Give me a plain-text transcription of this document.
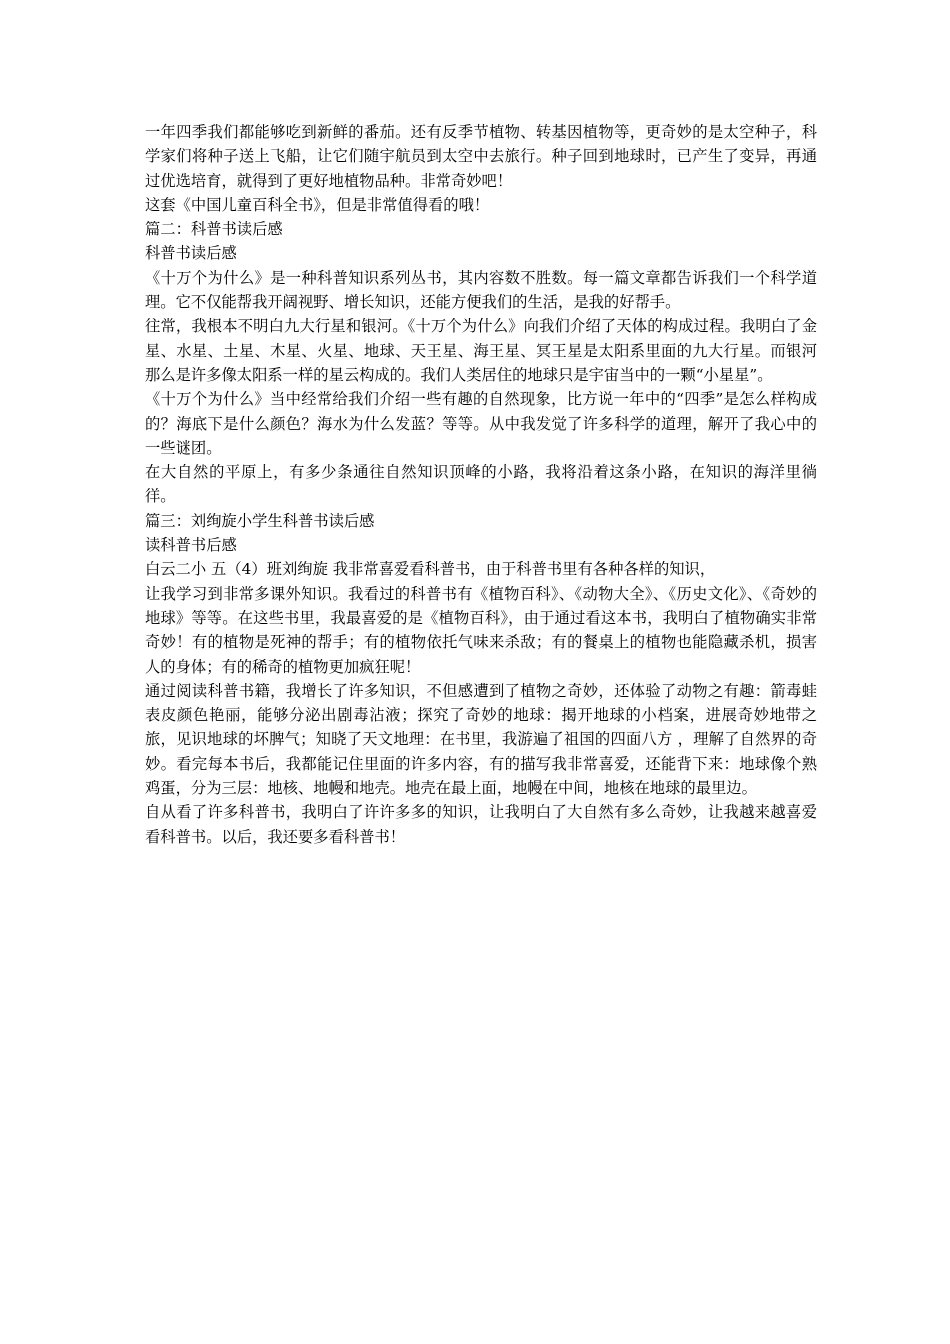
一年四季我们都能够吃到新鲜的番茄。还有反季节植物、转基因植物等，更奇妙的是太空种子，科学家们将种子送上飞船，让它们随宇航员到太空中去旅行。种子回到地球时，已产生了变异，再通过优选培育，就得到了更好地植物品种。非常奇妙吧！

这套《中国儿童百科全书》，但是非常值得看的哦！

篇二：科普书读后感

科普书读后感

《十万个为什么》是一种科普知识系列丛书，其内容数不胜数。每一篇文章都告诉我们一个科学道理。它不仅能帮我开阔视野、增长知识，还能方便我们的生活，是我的好帮手。

往常，我根本不明白九大行星和银河。《十万个为什么》向我们介绍了天体的构成过程。我明白了金星、水星、土星、木星、火星、地球、天王星、海王星、冥王星是太阳系里面的九大行星。而银河那么是许多像太阳系一样的星云构成的。我们人类居住的地球只是宇宙当中的一颗“小星星”。

《十万个为什么》当中经常给我们介绍一些有趣的自然现象，比方说一年中的“四季”是怎么样构成的？海底下是什么颜色？海水为什么发蓝？等等。从中我发觉了许多科学的道理，解开了我心中的一些谜团。

在大自然的平原上，有多少条通往自然知识顶峰的小路，我将沿着这条小路，在知识的海洋里徜徉。

篇三：刘绚旋小学生科普书读后感

读科普书后感

白云二小 五（4）班刘绚旋 我非常喜爱看科普书，由于科普书里有各种各样的知识，

让我学习到非常多课外知识。我看过的科普书有《植物百科》、《动物大全》、《历史文化》、《奇妙的地球》等等。在这些书里，我最喜爱的是《植物百科》，由于通过看这本书，我明白了植物确实非常奇妙！有的植物是死神的帮手；有的植物依托气味来杀敌；有的餐桌上的植物也能隐藏杀机，损害人的身体；有的稀奇的植物更加疯狂呢！

通过阅读科普书籍，我增长了许多知识，不但感遭到了植物之奇妙，还体验了动物之有趣：箭毒蛙表皮颜色艳丽，能够分泌出剧毒沾液；探究了奇妙的地球：揭开地球的小档案，进展奇妙地带之旅，见识地球的坏脾气；知晓了天文地理：在书里，我游遍了祖国的四面八方 ，理解了自然界的奇妙。看完每本书后，我都能记住里面的许多内容，有的描写我非常喜爱，还能背下来：地球像个熟鸡蛋，分为三层：地核、地幔和地壳。地壳在最上面，地幔在中间，地核在地球的最里边。

自从看了许多科普书，我明白了许许多多的知识，让我明白了大自然有多么奇妙，让我越来越喜爱看科普书。以后，我还要多看科普书！
